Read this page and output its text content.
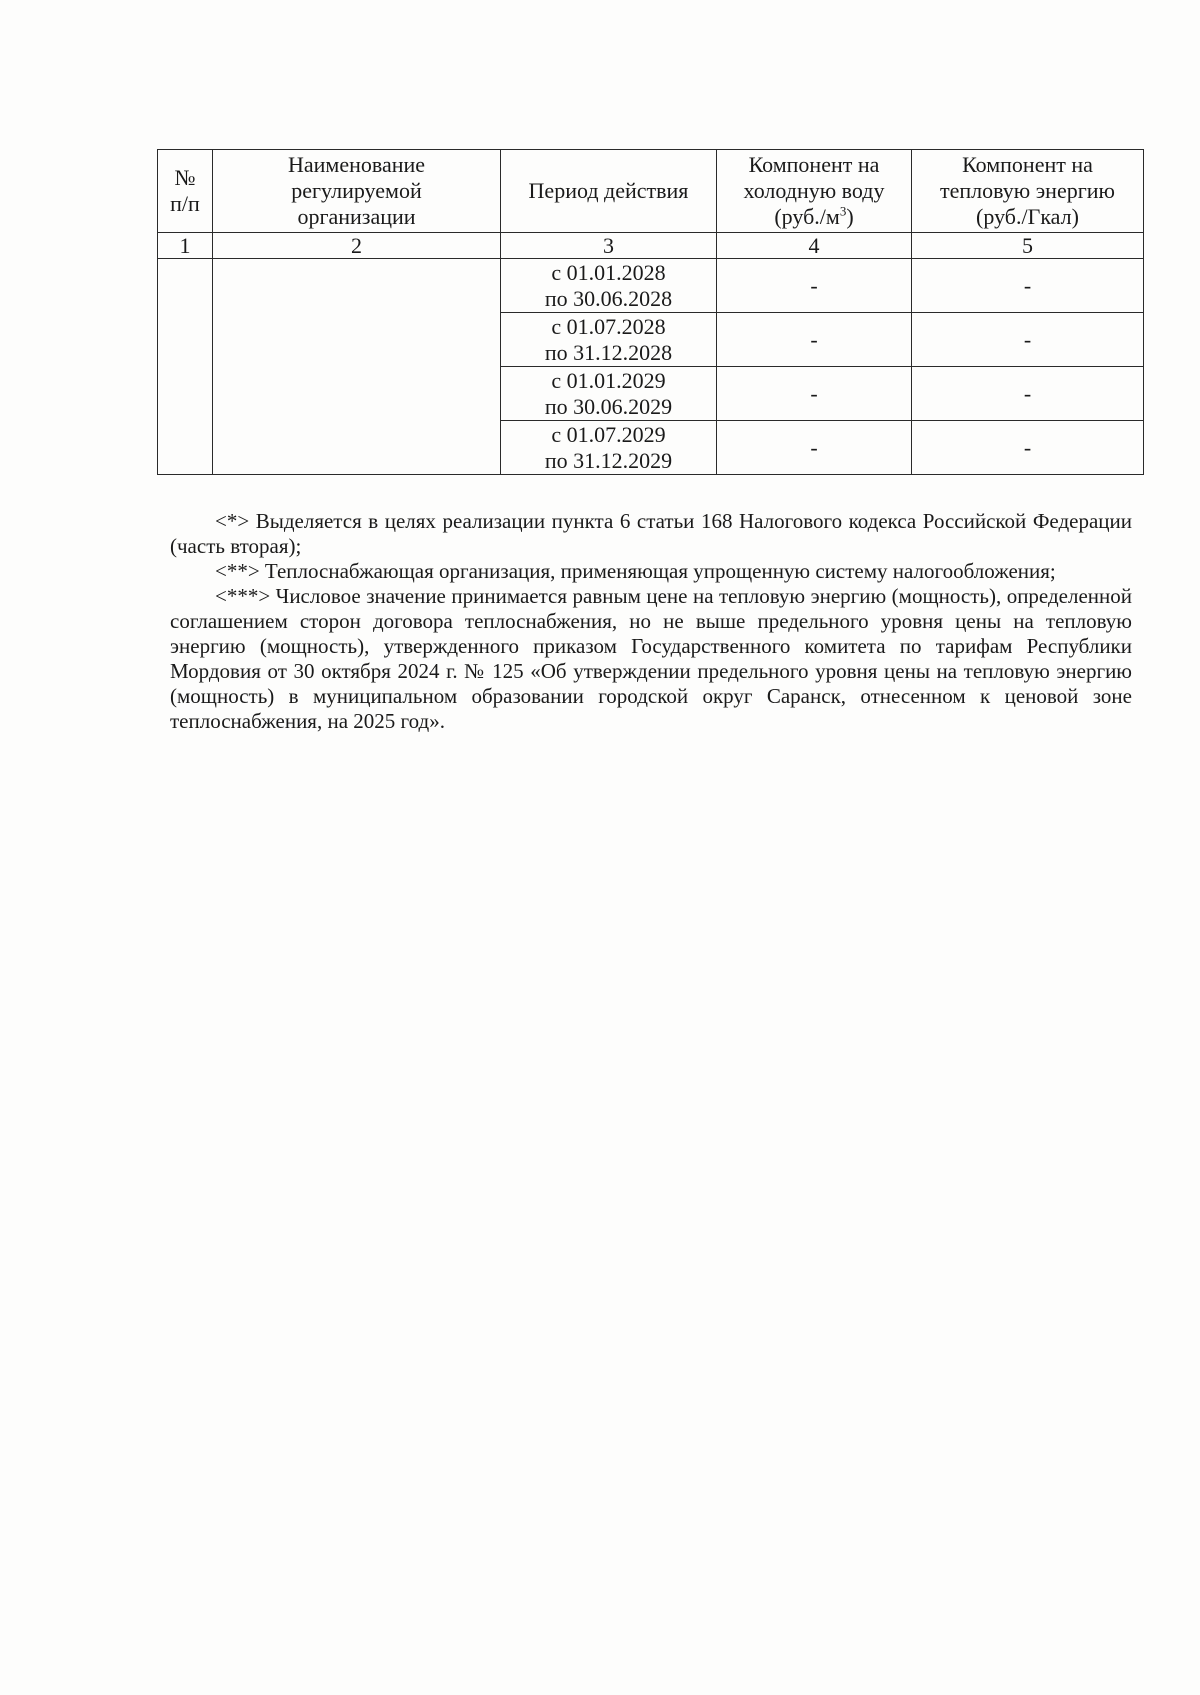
№
п/п	Наименование
регулируемой
организации	Период действия	Компонент на
холодную воду
$(руб./м^3)$	Компонент на
тепловую энергию
(руб./Гкал)

1	2	3	4	5

		с 01.01.2028
по 30.06.2028	-	-

		с 01.07.2028
по 31.12.2028	-	-

		с 01.01.2029
по 30.06.2029	-	-

		с 01.07.2029
по 31.12.2029	-	-

<*> Выделяется в целях реализации пункта 6 статьи 168 Налогового кодекса Российской Федерации (часть вторая);

<**> Теплоснабжающая организация, применяющая упрощенную систему налогообложения;

<***> Числовое значение принимается равным цене на тепловую энергию (мощность), определенной соглашением сторон договора теплоснабжения, но не выше предельного уровня цены на тепловую энергию (мощность), утвержденного приказом Государственного комитета по тарифам Республики Мордовия от 30 октября 2024 г. № 125 «Об утверждении предельного уровня цены на тепловую энергию (мощность) в муниципальном образовании городской округ Саранск, отнесенном к ценовой зоне теплоснабжения, на 2025 год».
